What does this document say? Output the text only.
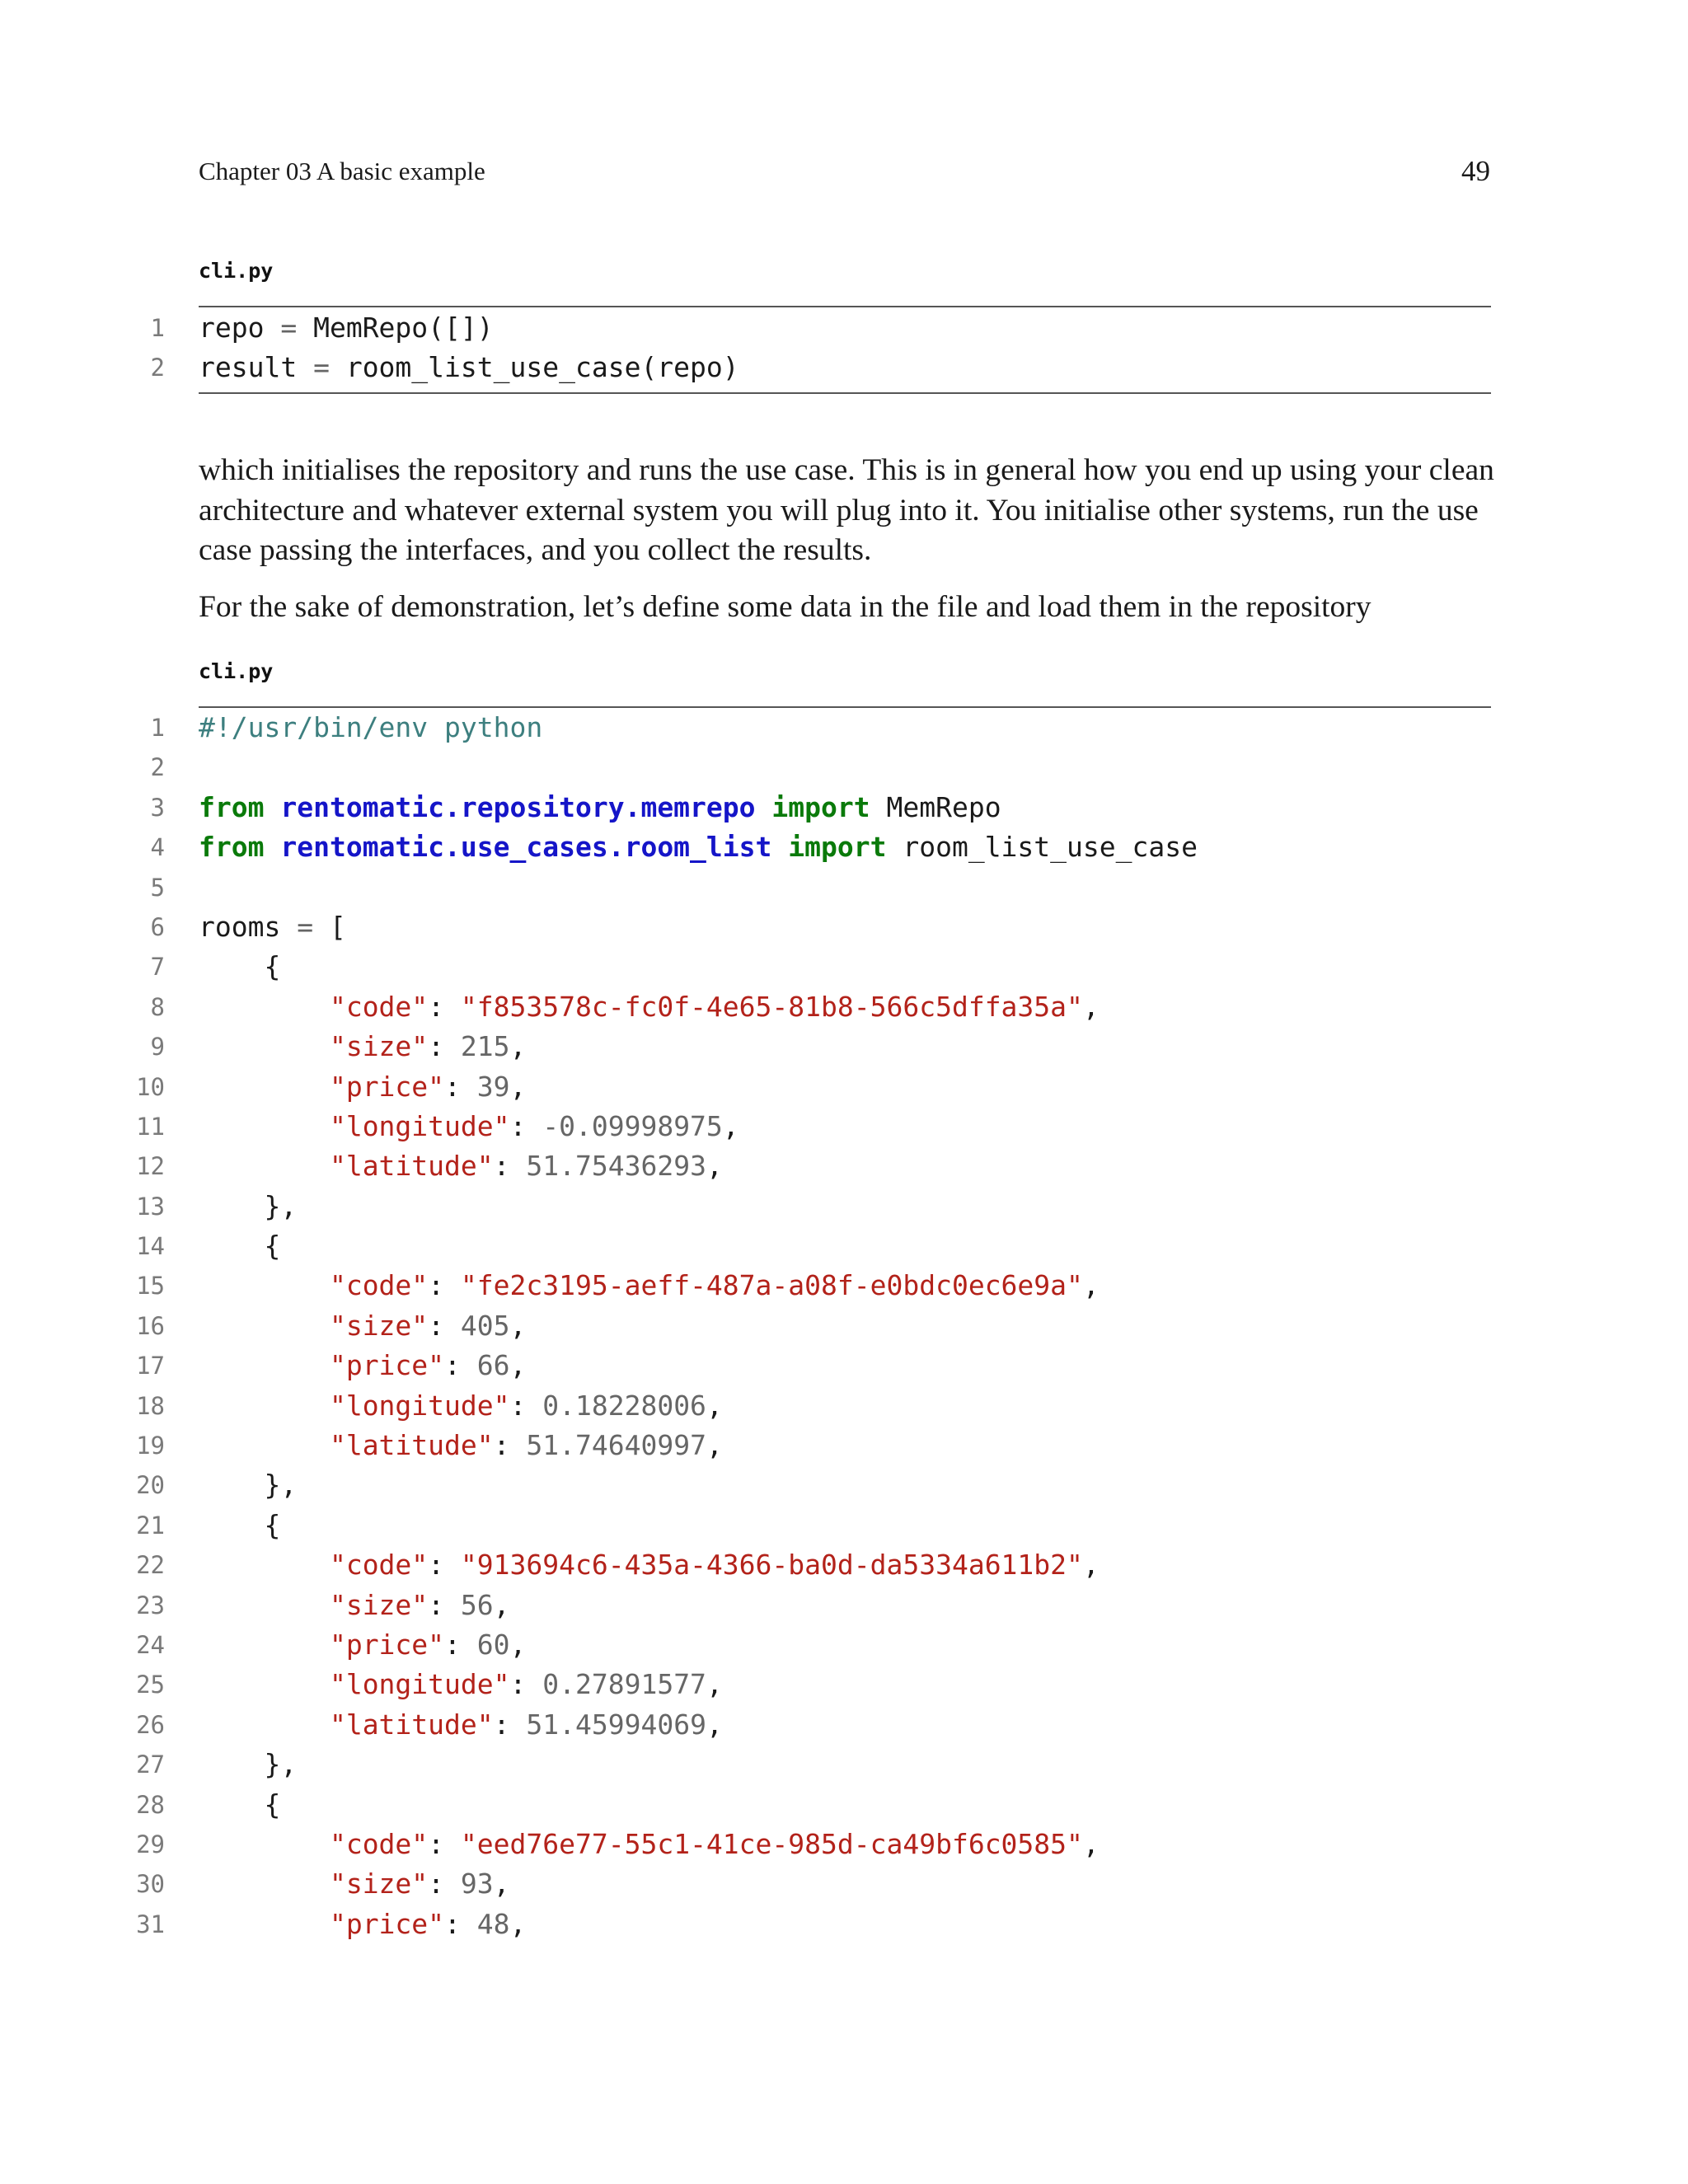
Chapter 03 A basic example	49
cli.py
1 repo = MemRepo([])
2 result = room_list_use_case(repo)

which initialises the repository and runs the use case. This is in general how you end up using your clean architecture and whatever external system you will plug into it. You initialise other systems, run the use case passing the interfaces, and you collect the results.

For the sake of demonstration, let’s define some data in the file and load them in the repository

cli.py
1 #!/usr/bin/env python
2
3 from rentomatic.repository.memrepo import MemRepo
4 from rentomatic.use_cases.room_list import room_list_use_case
5
6 rooms = [
7 {
8	"code": "f853578c-fc0f-4e65-81b8-566c5dffa35a",
9	"size": 215,
10	"price": 39,
11	"longitude": -0.09998975,
12	"latitude": 51.75436293,
13 },
14 {
15	"code": "fe2c3195-aeff-487a-a08f-e0bdc0ec6e9a",
16	"size": 405,
17	"price": 66,
18	"longitude": 0.18228006,
19	"latitude": 51.74640997,
20 },
21 {
22	"code": "913694c6-435a-4366-ba0d-da5334a611b2",
23	"size": 56,
24	"price": 60,
25	"longitude": 0.27891577,
26	"latitude": 51.45994069,
27 },
28 {
29	"code": "eed76e77-55c1-41ce-985d-ca49bf6c0585",
30	"size": 93,
31	"price": 48,
